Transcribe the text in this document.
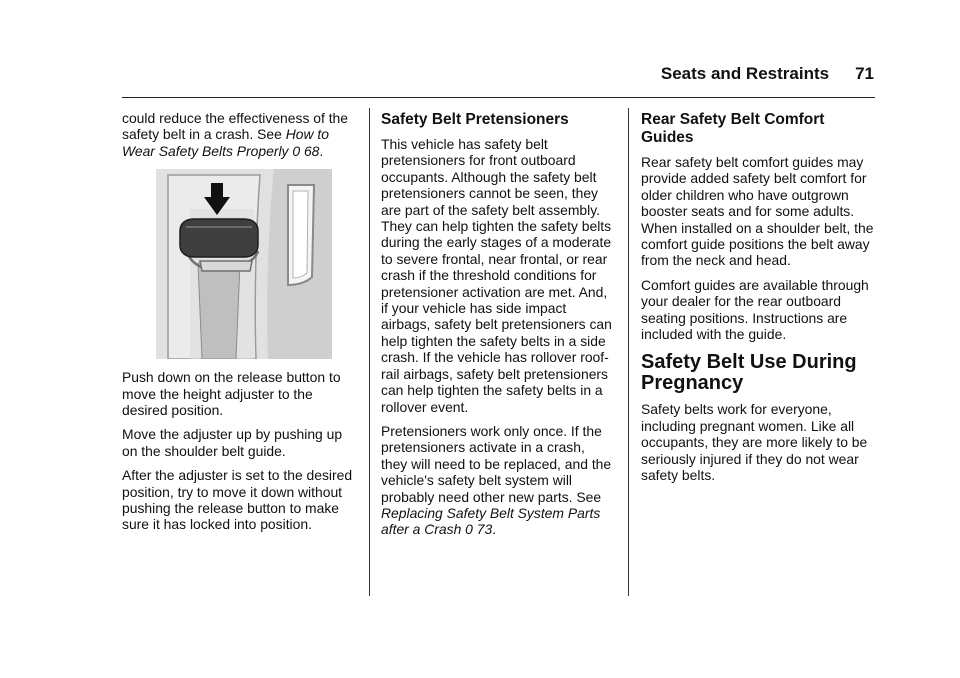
Seats and Restraints 71

could reduce the effectiveness of the safety belt in a crash. See How to Wear Safety Belts Properly 0 68.

Push down on the release button to move the height adjuster to the desired position.

Move the adjuster up by pushing up on the shoulder belt guide.

After the adjuster is set to the desired position, try to move it down without pushing the release button to make sure it has locked into position.

Safety Belt Pretensioners

This vehicle has safety belt pretensioners for front outboard occupants. Although the safety belt pretensioners cannot be seen, they are part of the safety belt assembly. They can help tighten the safety belts during the early stages of a moderate to severe frontal, near frontal, or rear crash if the threshold conditions for pretensioner activation are met. And, if your vehicle has side impact airbags, safety belt pretensioners can help tighten the safety belts in a side crash. If the vehicle has rollover roof-rail airbags, safety belt pretensioners can help tighten the safety belts in a rollover event.

Pretensioners work only once. If the pretensioners activate in a crash, they will need to be replaced, and the vehicle's safety belt system will probably need other new parts. See Replacing Safety Belt System Parts after a Crash 0 73.

Rear Safety Belt Comfort Guides

Rear safety belt comfort guides may provide added safety belt comfort for older children who have outgrown booster seats and for some adults. When installed on a shoulder belt, the comfort guide positions the belt away from the neck and head.

Comfort guides are available through your dealer for the rear outboard seating positions. Instructions are included with the guide.

Safety Belt Use During Pregnancy

Safety belts work for everyone, including pregnant women. Like all occupants, they are more likely to be seriously injured if they do not wear safety belts.
